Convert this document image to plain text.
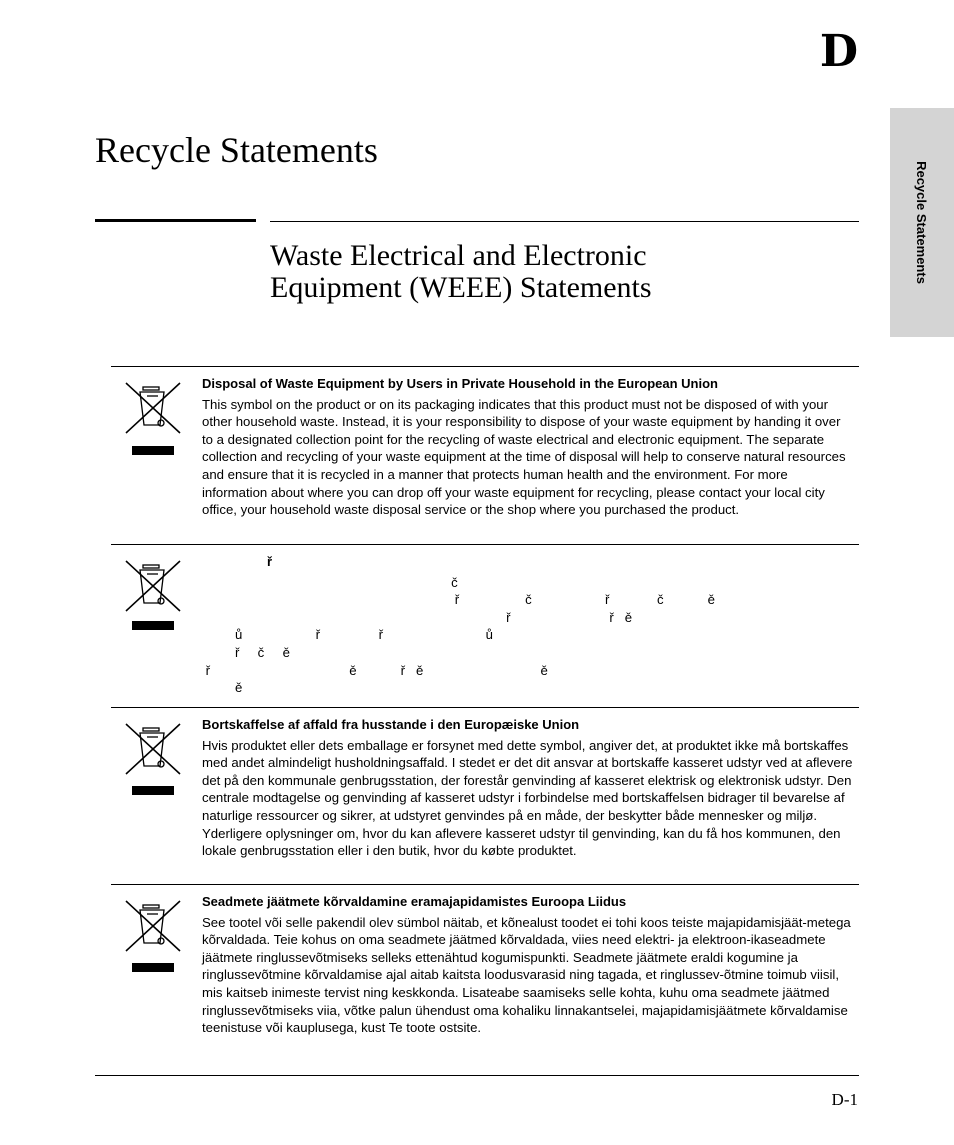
D
Recycle Statements
Recycle Statements
Waste Electrical and Electronic
Equipment (WEEE) Statements

Disposal of Waste Equipment by Users in Private Household in the European Union

This symbol on the product or on its packaging indicates that this product must not be disposed of with your other household waste. Instead, it is your responsibility to dispose of your waste equipment by handing it over to a designated collection point for the recycling of waste electrical and electronic equipment. The separate collection and recycling of your waste equipment at the time of disposal will help to conserve natural resources and ensure that it is recycled in a manner that protects human health and the environment. For more information about where you can drop off your waste equipment for recycling, please contact your local city office, your household waste disposal service or the shop where you purchased the product.

ř

č
ř                  č                    ř             č            ě
ř                           ř   ě
ů                    ř                ř                            ů
ř     č     ě
ř                                      ě            ř   ě                                ě
ě

Bortskaffelse af affald fra husstande i den Europæiske Union

Hvis produktet eller dets emballage er forsynet med dette symbol, angiver det, at produktet ikke må bortskaffes med andet almindeligt husholdningsaffald. I stedet er det dit ansvar at bortskaffe kasseret udstyr ved at aflevere det på den kommunale genbrugsstation, der forestår genvinding af kasseret elektrisk og elektronisk udstyr. Den centrale modtagelse og genvinding af kasseret udstyr i forbindelse med bortskaffelsen bidrager til bevarelse af naturlige ressourcer og sikrer, at udstyret genvindes på en måde, der beskytter både mennesker og miljø. Yderligere oplysninger om, hvor du kan aflevere kasseret udstyr til genvinding, kan du få hos kommunen, den lokale genbrugsstation eller i den butik, hvor du købte produktet.

Seadmete jäätmete kõrvaldamine eramajapidamistes Euroopa Liidus

See tootel või selle pakendil olev sümbol näitab, et kõnealust toodet ei tohi koos teiste majapidamisjäät-metega kõrvaldada. Teie kohus on oma seadmete jäätmed kõrvaldada, viies need elektri- ja elektroon-ikaseadmete jäätmete ringlussevõtmiseks selleks ettenähtud kogumispunkti. Seadmete jäätmete eraldi kogumine ja ringlussevõtmine kõrvaldamise ajal aitab kaitsta loodusvarasid ning tagada, et ringlussev-õtmine toimub viisil, mis kaitseb inimeste tervist ning keskkonda. Lisateabe saamiseks selle kohta, kuhu oma seadmete jäätmed ringlussevõtmiseks viia, võtke palun ühendust oma kohaliku linnakantselei, majapidamisjäätmete kõrvaldamise teenistuse või kauplusega, kust Te toote ostsite.

D-1
